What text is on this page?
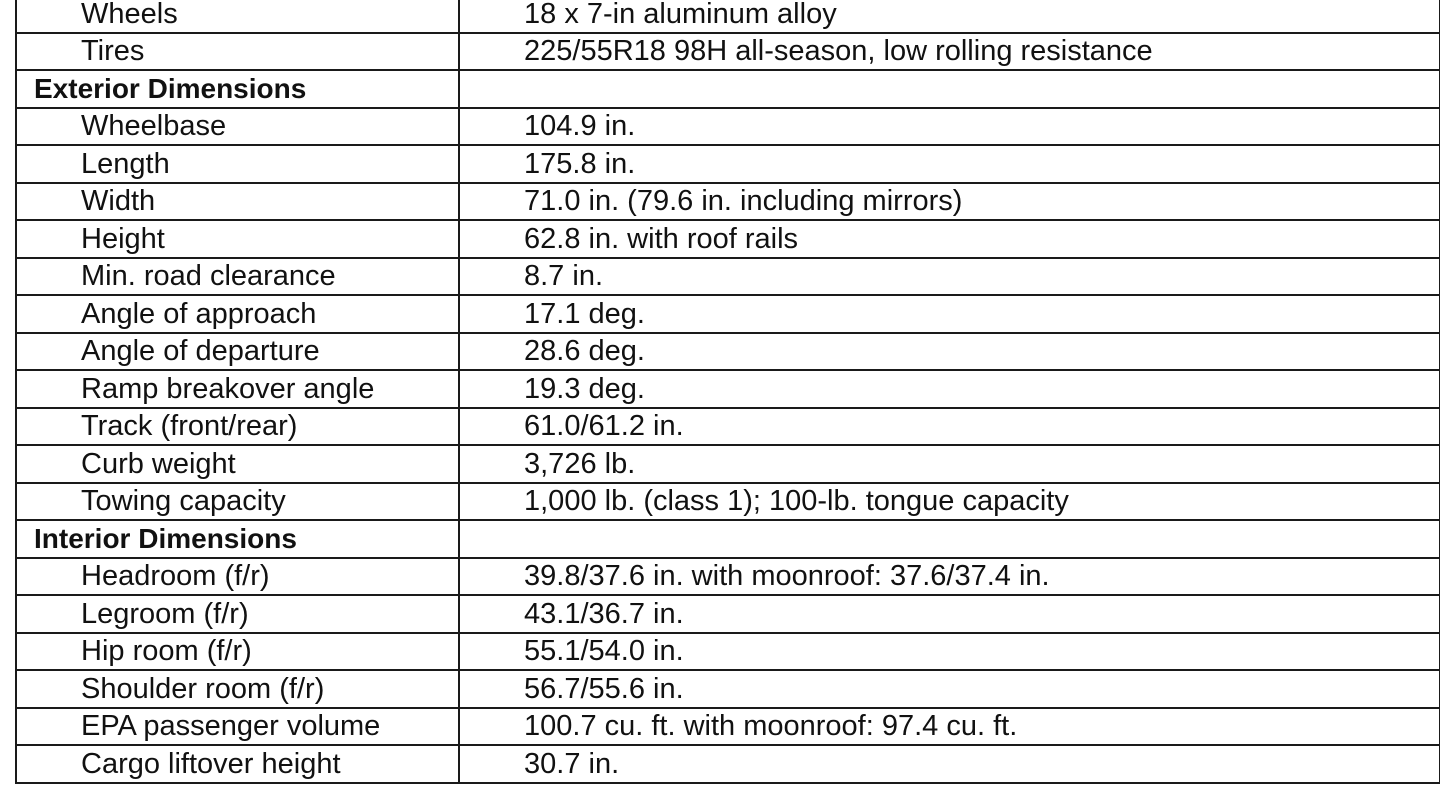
Wheels	18 x 7-in aluminum alloy
Tires	225/55R18 98H all-season, low rolling resistance
Exterior Dimensions	
Wheelbase	104.9 in.
Length	175.8 in.
Width	71.0 in. (79.6 in. including mirrors)
Height	62.8 in. with roof rails
Min. road clearance	8.7 in.
Angle of approach	17.1 deg.
Angle of departure	28.6 deg.
Ramp breakover angle	19.3 deg.
Track (front/rear)	61.0/61.2 in.
Curb weight	3,726 lb.
Towing capacity	1,000 lb. (class 1); 100-lb. tongue capacity
Interior Dimensions	
Headroom (f/r)	39.8/37.6 in. with moonroof: 37.6/37.4 in.
Legroom (f/r)	43.1/36.7 in.
Hip room (f/r)	55.1/54.0 in.
Shoulder room (f/r)	56.7/55.6 in.
EPA passenger volume	100.7 cu. ft. with moonroof: 97.4 cu. ft.
Cargo liftover height	30.7 in.
